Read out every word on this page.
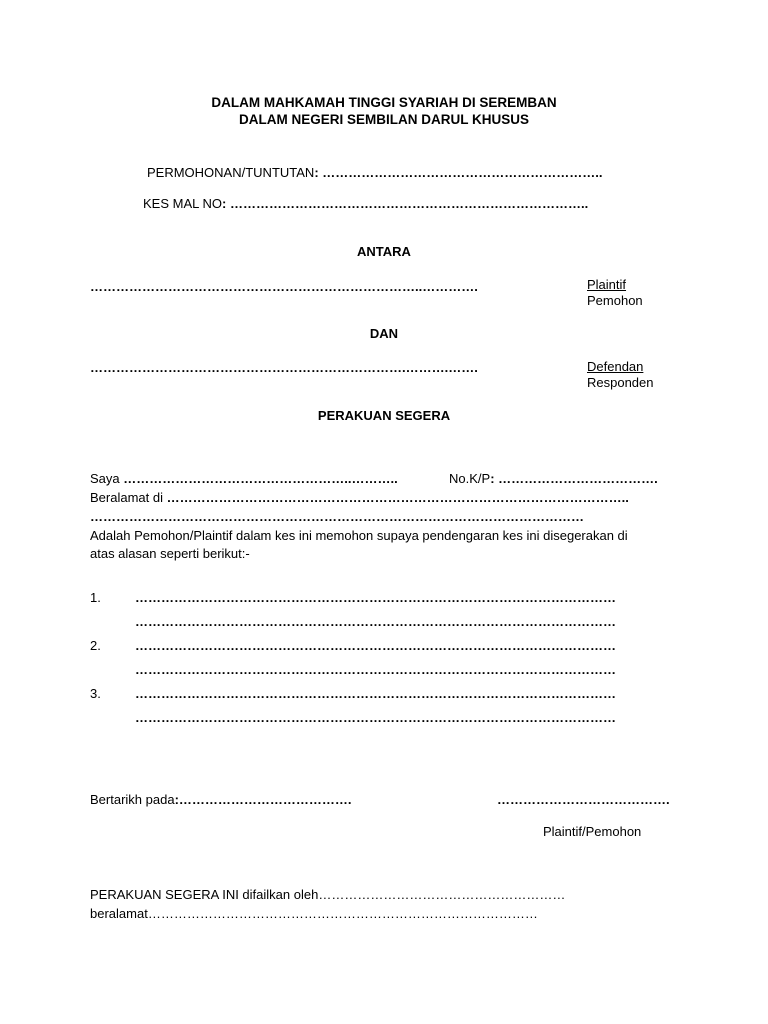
DALAM MAHKAMAH TINGGI SYARIAH DI SEREMBAN
DALAM NEGERI SEMBILAN DARUL KHUSUS
PERMOHONAN/TUNTUTAN: ………………………………………………………..
KES MAL NO: ………………………………………………………………………..
ANTARA
…………………………………………………………………..………….	Plaintif
Pemohon
DAN
……………………………………………………………….……….…….	Defendan
Responden
PERAKUAN SEGERA
Saya ……………………………………………..………..	No.K/P: ……………………………….
Beralamat di ……………………………………………………………………………………………..
……………………………………………………………………………………………………
Adalah Pemohon/Plaintif dalam kes ini memohon supaya pendengaran kes ini disegerakan di
atas alasan seperti berikut:-
1.	…………………………………………………………………………………………………
…………………………………………………………………………………………………
2.	…………………………………………………………………………………………………
…………………………………………………………………………………………………
3.	…………………………………………………………………………………………………
…………………………………………………………………………………………………
Bertarikh pada:………………………………….	………………………………….
Plaintif/Pemohon
PERAKUAN SEGERA INI difailkan oleh…………………………………………………
beralamat………………………………………………………………………………
